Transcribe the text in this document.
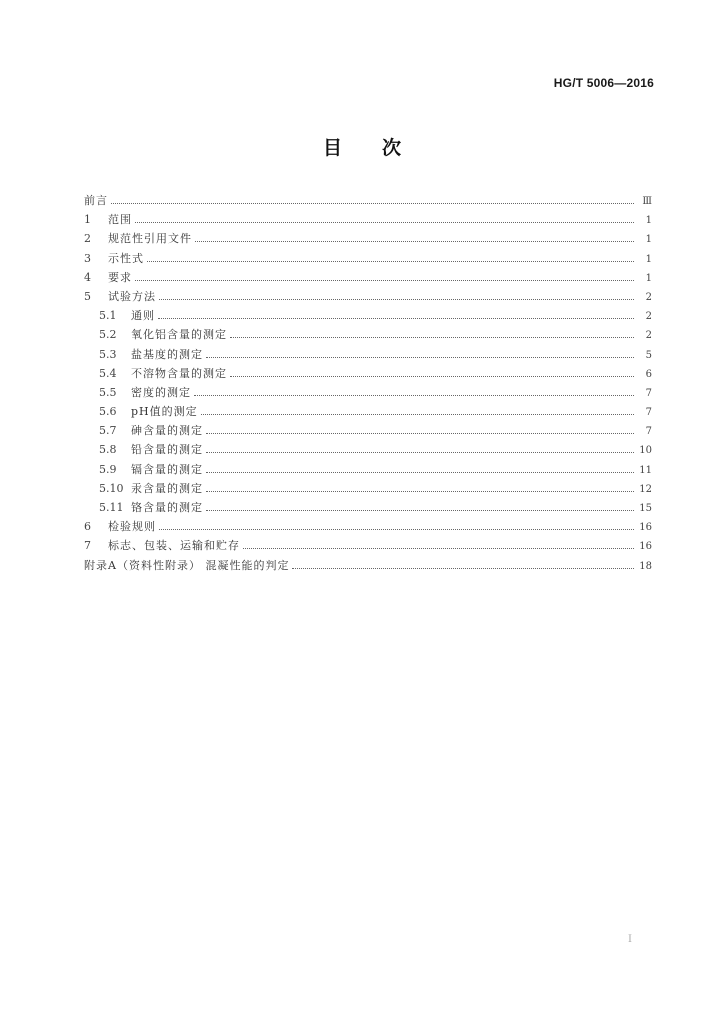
HG/T 5006—2016
目 次
前言	Ⅲ
1	范围	1
2	规范性引用文件	1
3	示性式	1
4	要求	1
5	试验方法	2
5.1	通则	2
5.2	氧化铝含量的测定	2
5.3	盐基度的测定	5
5.4	不溶物含量的测定	6
5.5	密度的测定	7
5.6	pH值的测定	7
5.7	砷含量的测定	7
5.8	铅含量的测定	10
5.9	镉含量的测定	11
5.10 汞含量的测定	12
5.11 铬含量的测定	15
6	检验规则	16
7	标志、包装、运输和贮存	16
附录A（资料性附录） 混凝性能的判定	18
Ⅰ
